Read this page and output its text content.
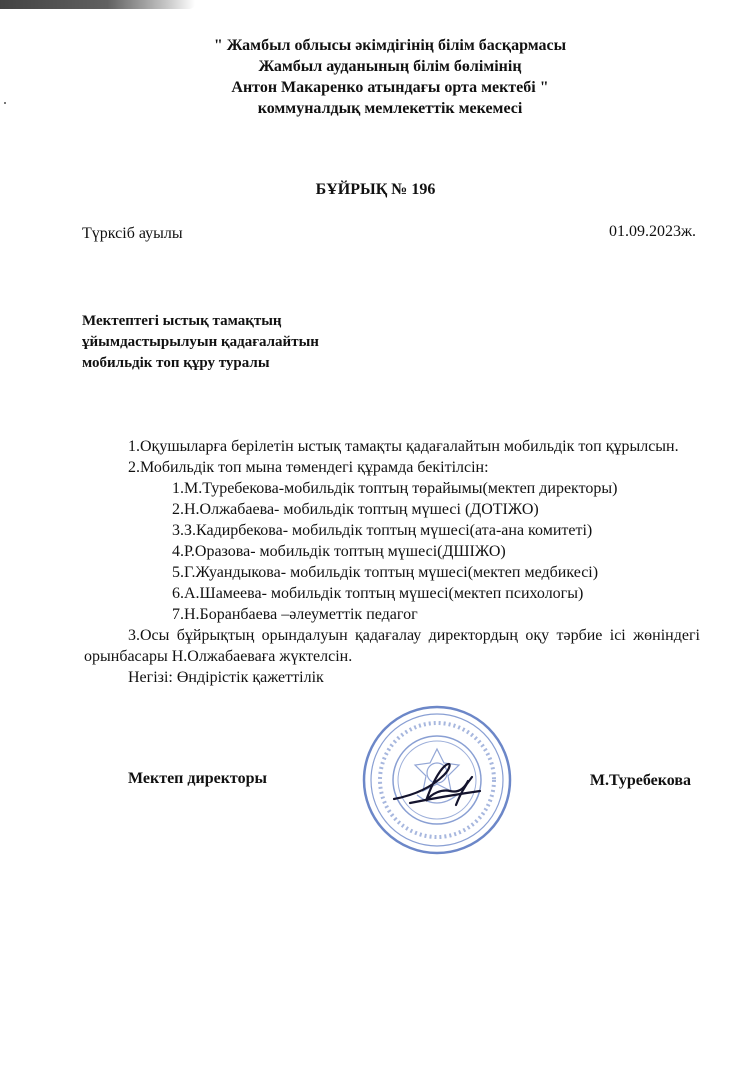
" Жамбыл облысы әкімдігінің білім басқармасы
Жамбыл ауданының білім бөлімінің
Антон Макаренко атындағы орта мектебі "
коммуналдық мемлекеттік мекемесі
БҰЙРЫҚ № 196
Түрксіб ауылы	01.09.2023ж.
Мектептегі ыстық тамақтың
ұйымдастырылуын қадағалайтын
мобильдік топ құру туралы
1.Оқушыларға берілетін ыстық тамақты қадағалайтын мобильдік топ құрылсын.
2.Мобильдік топ мына төмендегі құрамда бекітілсін:
1.М.Туребекова-мобильдік топтың төрайымы(мектеп директоры)
2.Н.Олжабаева- мобильдік топтың мүшесі (ДОТІЖО)
3.З.Кадирбекова- мобильдік топтың мүшесі(ата-ана комитеті)
4.Р.Оразова- мобильдік топтың мүшесі(ДШІЖО)
5.Г.Жуандыкова- мобильдік топтың мүшесі(мектеп медбикесі)
6.А.Шамеева- мобильдік топтың мүшесі(мектеп психологы)
7.Н.Боранбаева –әлеуметтік педагог
3.Осы бұйрықтың орындалуын қадағалау директордың оқу тәрбие ісі жөніндегі орынбасары Н.Олжабаеваға жүктелсін.
Негізі: Өндірістік қажеттілік
Мектеп директоры	М.Туребекова
